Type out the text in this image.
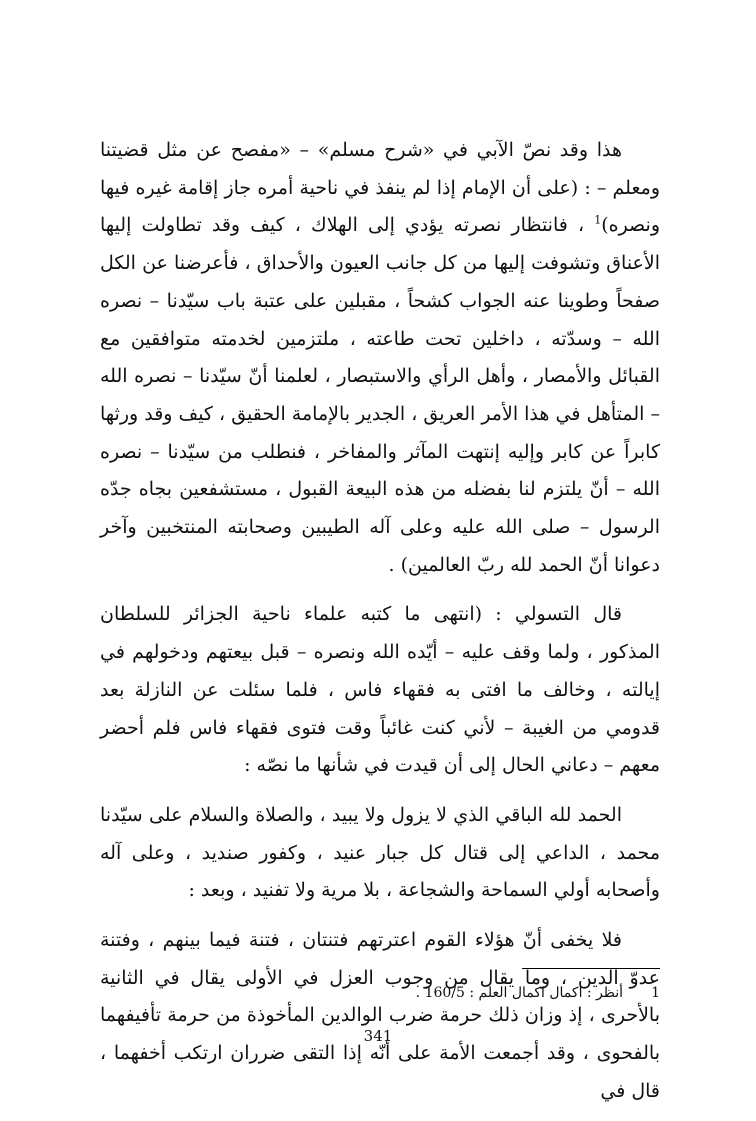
هذا وقد نصّ الآبي في «شرح مسلم» – «مفصح عن مثل قضيتنا ومعلم – : (على أن الإمام إذا لم ينفذ في ناحية أمره جاز إقامة غيره فيها ونصره)$^1$ ، فانتظار نصرته يؤدي إلى الهلاك ، كيف وقد تطاولت إليها الأعناق وتشوفت إليها من كل جانب العيون والأحداق ، فأعرضنا عن الكل صفحاً وطوينا عنه الجواب كشحاً ، مقبلين على عتبة باب سيّدنا – نصره الله – وسدّته ، داخلين تحت طاعته ، ملتزمين لخدمته متوافقين مع القبائل والأمصار ، وأهل الرأي والاستبصار ، لعلمنا أنّ سيّدنا – نصره الله – المتأهل في هذا الأمر العريق ، الجدير بالإمامة الحقيق ، كيف وقد ورثها كابراً عن كابر وإليه إنتهت المآثر والمفاخر ، فنطلب من سيّدنا – نصره الله – أنّ يلتزم لنا بفضله من هذه البيعة القبول ، مستشفعين بجاه جدّه الرسول – صلى الله عليه وعلى آله الطيبين وصحابته المنتخبين وآخر دعوانا أنّ الحمد لله ربّ العالمين) .

قال التسولي : (انتهى ما كتبه علماء ناحية الجزائر للسلطان المذكور ، ولما وقف عليه – أيّده الله ونصره – قبل بيعتهم ودخولهم في إيالته ، وخالف ما افتى به فقهاء فاس ، فلما سئلت عن النازلة بعد قدومي من الغيبة – لأني كنت غائباً وقت فتوى فقهاء فاس فلم أحضر معهم – دعاني الحال إلى أن قيدت في شأنها ما نصّه :

الحمد لله الباقي الذي لا يزول ولا يبيد ، والصلاة والسلام على سيّدنا محمد ، الداعي إلى قتال كل جبار عنيد ، وكفور صنديد ، وعلى آله وأصحابه أولي السماحة والشجاعة ، بلا مرية ولا تفنيد ، وبعد :

فلا يخفى أنّ هؤلاء القوم اعترتهم فتنتان ، فتنة فيما بينهم ، وفتنة عدوّ الدين ، وما يقال من وجوب العزل في الأولى يقال في الثانية بالأحرى ، إذ وزان ذلك حرمة ضرب الوالدين المأخوذة من حرمة تأفيفهما بالفحوى ، وقد أجمعت الأمة على أنّه إذا التقى ضرران ارتكب أخفهما ، قال في

1أنظر : اكمال اكمال العلم : 160/5 .
341
